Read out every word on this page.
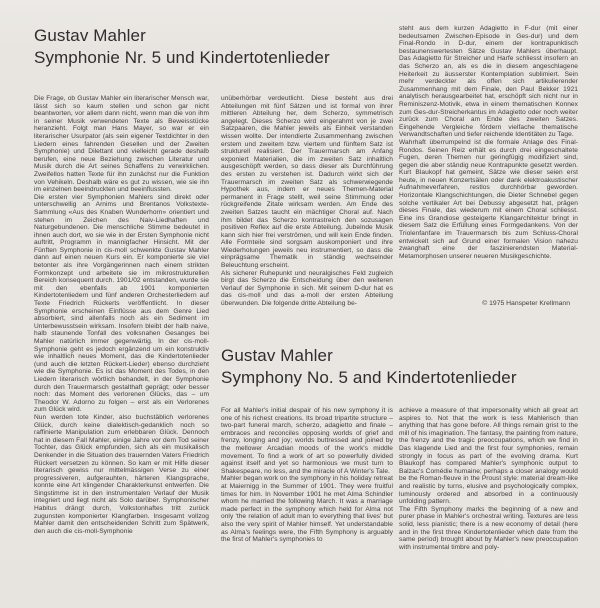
Gustav Mahler
Symphonie Nr. 5 und Kindertotenlieder

Die Frage, ob Gustav Mahler ein literarischer Mensch war, lässt sich so kaum stellen und schon gar nicht beantworten, vor allem dann nicht, wenn man die von ihm in seiner Musik verwendeten Texte als Beweisstücke heranzieht. Folgt man Hans Mayer, so war er ein literarischer Usurpator (als sein eigener Textdichter in den Liedern eines fahrenden Gesellen und der Zweiten Symphonie) und Dilettant und vielleicht gerade deshalb berufen, eine neue Beziehung zwischen Literatur und Musik durch die Art seines Schaffens zu verwirklichen. Zweifellos hatten Texte für ihn zunächst nur die Funktion von Vehikeln. Deshalb wäre es gut zu wissen, wie sie ihn im einzelnen beeindruckten und beeinflussten.

Die ersten vier Symphonien Mahlers sind direkt oder unterschwellig an Arnims und Brentanos Volkstexte-Sammlung «Aus des Knaben Wunderhorn» orientiert und stehen im Zeichen des Naiv-Liedhaften und Naturgebundenen. Die menschliche Stimme bedeutet in ihnen auch dort, wo sie wie in der Ersten Symphonie nicht auftritt, Programm in mannigfacher Hinsicht. Mit der Fünften Symphonie in cis-moll schwenkte Gustav Mahler dann auf einen neuen Kurs ein. Er komponierte sie viel betonter als ihre Vorgängerinnen nach einem strikten Formkonzept und arbeitete sie im mikrostrukturellen Bereich konsequent durch. 1901/02 entstanden, wurde sie mit den ebenfalls ab 1901 komponierten Kindertotenliedern und fünf anderen Orchesterliedern auf Texte Friedrich Rückerts veröffentlicht. In dieser Symphonie erscheinen Einflüsse aus dem Genre Lied absorbiert, sind allenfalls noch als ein Sediment im Unterbewusstsein wirksam. Insofern bleibt der halb naive, halb staunende Tonfall des volksnahen Gesanges bei Mahler natürlich immer gegenwärtig. In der cis-moll-Symphonie geht es jedoch ergänzend um ein konstruktiv wie inhaltlich neues Moment, das die Kindertotenlieder (und auch die letzten Rückert-Lieder) ebenso durchzieht wie die Symphonie. Es ist das Moment des Todes, in den Liedern literarisch wörtlich behandelt, in der Symphonie durch den Trauermarsch gestalthaft geprägt; oder besser noch: das Moment des verlorenen Glücks, das – um Theodor W. Adorno zu folgen – erst als ein Verlorenes zum Glück wird.

Nun werden tote Kinder, also buchstäblich verlorenes Glück, durch keine dialektisch-gedanklich noch so raffinierte Manipulation zum erlebbaren Glück. Dennoch hat in diesem Fall Mahler, einige Jahre vor dem Tod seiner Tochter, das Glück empfunden, sich als ein musikalisch Denkender in die Situation des trauernden Vaters Friedrich Rückert versetzen zu können. So kam er mit Hilfe dieser literarisch gewiss nur mittelmässigen Verse zu einer progressiveren, aufgerauhten, härteren Klangsprache, konnte eine Art klingender Charakterkunst entwerfen. Die Singstimme ist in den instrumentalen Verlauf der Musik integriert und liegt nicht als Solo darüber. Symphonischer Habitus drängt durch, Volkstonhaftes tritt zurück zugunsten komponierter Klangfarben. Insgesamt vollzog Mahler damit den entscheidenden Schritt zum Spätwerk, den auch die cis-moll-Symphonie

unüberhörbar verdeutlicht. Diese besteht aus drei Abteilungen mit fünf Sätzen und ist formal von ihrer mittleren Abteilung her, dem Scherzo, symmetrisch angelegt. Dieses Scherzo wird eingerahmt von je zwei Satzpaaren, die Mahler jeweils als Einheit verstanden wissen wollte. Der intendierte Zusammenhang zwischen erstem und zweitem bzw. viertem und fünftem Satz ist strukturell realisiert. Der Trauermarsch am Anfang exponiert Materialien, die im zweiten Satz inhaltlich ausgeschöpft werden, so dass dieser als Durchführung des ersten zu verstehen ist. Dadurch wirkt sich der Trauermarsch im zweiten Satz als schwerwiegende Hypothek aus, indem er neues Themen-Material permanent in Frage stellt, weil seine Stimmung oder rückgreifende Zitate wirksam werden. Am Ende des zweiten Satzes taucht ein mächtiger Choral auf. Nach ihm bildet das Scherzo kontrastreich den sozusagen positiven Reflex auf die erste Abteilung. Jubelnde Musik kann sich hier frei verströmen, und will kein Ende finden. Alle Formteile sind sorgsam auskomponiert und ihre Wiederholungen jeweils neu instrumentiert, so dass die einprägsame Thematik in ständig wechselnder Beleuchtung erscheint.

Als sicherer Ruhepunkt und neuralgisches Feld zugleich birgt das Scherzo die Entscheidung über den weiteren Verlauf der Symphonie in sich. Mit seinem D-dur hat es das cis-moll und das a-moll der ersten Abteilung überwunden. Die folgende dritte Abteilung be-

steht aus dem kurzen Adagietto in F-dur (mit einer bedeutsamen Zwischen-Episode in Ges-dur) und dem Final-Rondo in D-dur, einem der kontrapunktisch bestaunenswertesten Sätze Gustav Mahlers überhaupt. Das Adagietto für Streicher und Harfe schliesst insofern an das Scherzo an, als es die in diesem angeschlagene Heiterkeit zu äusserster Kontemplation sublimiert. Sein mehr verdeckter als offen sich artikulierender Zusammenhang mit dem Finale, den Paul Bekker 1921 analytisch herausgearbeitet hat, erschöpft sich nicht nur in Reminiszenz-Motivik, etwa in einem thematischen Konnex zum Ges-dur-Streicherkantus im Adagietto oder noch weiter zurück zum Choral am Ende des zweiten Satzes. Eingehende Vergleiche fördern vielfache thematische Verwandtschaften und tiefer reichende Identitäten zu Tage.

Wahrhaft überrumpelnd ist die formale Anlage des Final-Rondos. Seinen Reiz erhält es durch drei eingeschaltete Fugen, deren Themen nur geringfügig modifiziert sind, gegen die aber ständig neue Kontrapunkte gesetzt werden. Kurt Blaukopf hat gemeint, Sätze wie dieser seien erst heute, in neuen Konzertsälen oder dank elektroakustischer Aufnahmeverfahren, restlos durchhörbar geworden. Horizontale Klangschichtungen, die Dieter Schnebel gegen solche vertikaler Art bei Debussy abgesetzt hat, prägen dieses Finale, das wiederum mit einem Choral schliesst. Eine ins Grandiose gesteigerte Klangarchitektur bringt in diesem Satz die Erfüllung eines Formgedankens. Von der Triolenfanfare im Trauermarsch bis zum Schluss-Choral entwickelt sich auf Grund einer formalen Vision nahezu zwanghaft eine der faszinierendsten Material-Metamorphosen unserer neueren Musikgeschichte.

© 1975 Hanspeter Krellmann
Gustav Mahler
Symphony No. 5 and Kindertotenlieder

For all Mahler's initial despair of his new symphony it is one of his richest creations. Its broad tripartite structure – two-part funeral march, scherzo, adagietto and finale – embraces and reconciles opposing worlds of grief and frenzy, longing and joy; worlds buttressed and joined by the mellower Arcadian moods of the work's middle movement. To find a work of art so powerfully divided against itself and yet so harmonious we must turn to Shakespeare, no less, and the miracle of A Winter's Tale.

Mahler began work on the symphony in his holiday retreat at Maiernigg in the Summer of 1901. They were fruitful times for him. In November 1901 he met Alma Schindler whom he married the following March. It was a marriage made perfect in the symphony which held for Alma not only 'the relation of adult man to everything that lives' but also the very spirit of Mahler himself. Yet understandable as Alma's feelings were, the Fifth Symphony is arguably the first of Mahler's symphonies to

achieve a measure of that impersonality which all great art aspires to. Not that the work is less Mahlerisch than anything that has gone before. All things remain grist to the mill of his imagination. The fantasy, the painting from nature, the frenzy and the tragic preoccupations, which we find in Das klagende Lied and the first four symphonies, remain strongly in focus as part of the evolving drama. Kurt Blaukopf has compared Mahler's symphonic output to Balzac's Comédie humaine; perhaps a closer analogy would be the Roman-fleuve in the Proust style: material dream-like and realistic by turns, elusive and psychologically complex, luminously ordered and absorbed in a continuously unfolding pattern.

The Fifth Symphony marks the beginning of a new and purer phase in Mahler's orchestral writing. Textures are less solid, less pianistic; there is a new economy of detail (here and in the first three Kindertotenlieder which date from the same period) brought about by Mahler's new preoccupation with instrumental timbre and poly-
